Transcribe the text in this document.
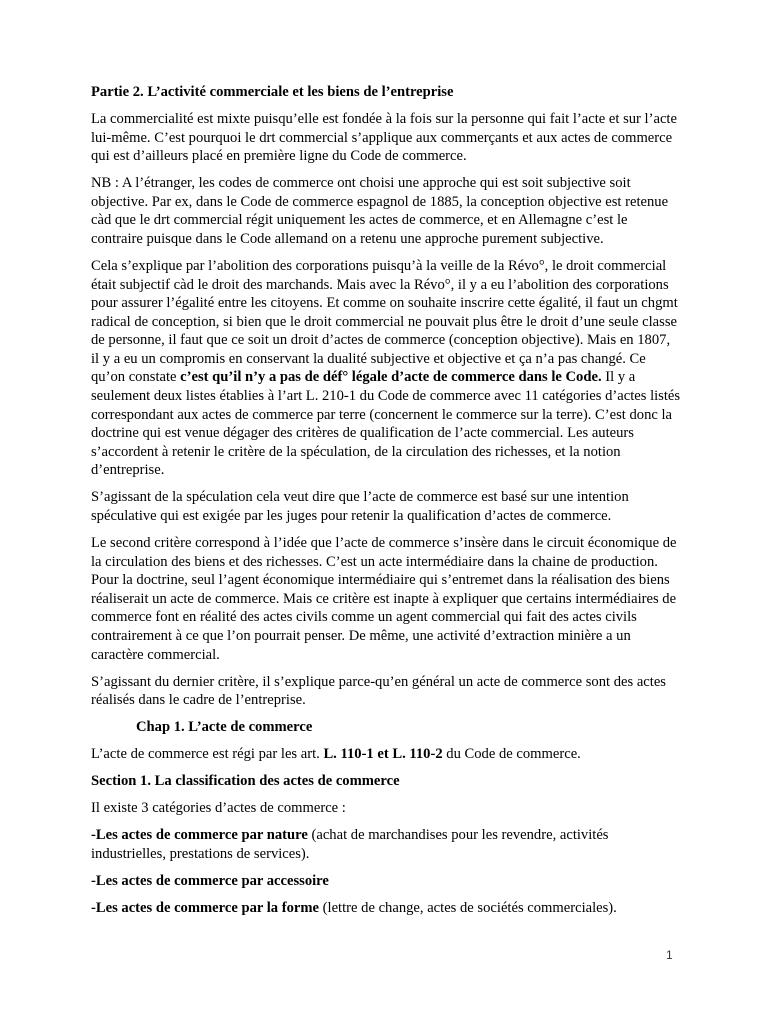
Partie 2. L’activité commerciale et les biens de l’entreprise

La commercialité est mixte puisqu’elle est fondée à la fois sur la personne qui fait l’acte et sur l’acte lui-même. C’est pourquoi le drt commercial s’applique aux commerçants et aux actes de commerce qui est d’ailleurs placé en première ligne du Code de commerce.

NB : A l’étranger, les codes de commerce ont choisi une approche qui est soit subjective soit objective. Par ex, dans le Code de commerce espagnol de 1885, la conception objective est retenue càd que le drt commercial régit uniquement les actes de commerce, et en Allemagne c’est le contraire puisque dans le Code allemand on a retenu une approche purement subjective.

Cela s’explique par l’abolition des corporations puisqu’à la veille de la Révo°, le droit commercial était subjectif càd le droit des marchands. Mais avec la Révo°, il y a eu l’abolition des corporations pour assurer l’égalité entre les citoyens. Et comme on souhaite inscrire cette égalité, il faut un chgmt radical de conception, si bien que le droit commercial ne pouvait plus être le droit d’une seule classe de personne, il faut que ce soit un droit d’actes de commerce (conception objective). Mais en 1807, il y a eu un compromis en conservant la dualité subjective et objective et ça n’a pas changé. Ce qu’on constate c’est qu’il n’y a pas de déf° légale d’acte de commerce dans le Code. Il y a seulement deux listes établies à l’art L. 210-1 du Code de commerce avec 11 catégories d’actes listés correspondant aux actes de commerce par terre (concernent le commerce sur la terre). C’est donc la doctrine qui est venue dégager des critères de qualification de l’acte commercial. Les auteurs s’accordent à retenir le critère de la spéculation, de la circulation des richesses, et la notion d’entreprise.

S’agissant de la spéculation cela veut dire que l’acte de commerce est basé sur une intention spéculative qui est exigée par les juges pour retenir la qualification d’actes de commerce.

Le second critère correspond à l’idée que l’acte de commerce s’insère dans le circuit économique de la circulation des biens et des richesses. C’est un acte intermédiaire dans la chaine de production. Pour la doctrine, seul l’agent économique intermédiaire qui s’entremet dans la réalisation des biens réaliserait un acte de commerce. Mais ce critère est inapte à expliquer que certains intermédiaires de commerce font en réalité des actes civils comme un agent commercial qui fait des actes civils contrairement à ce que l’on pourrait penser. De même, une activité d’extraction minière a un caractère commercial.

S’agissant du dernier critère, il s’explique parce-qu’en général un acte de commerce sont des actes réalisés dans le cadre de l’entreprise.

Chap 1. L’acte de commerce

L’acte de commerce est régi par les art. L. 110-1 et L. 110-2 du Code de commerce.

Section 1. La classification des actes de commerce

Il existe 3 catégories d’actes de commerce :

-Les actes de commerce par nature (achat de marchandises pour les revendre, activités industrielles, prestations de services).

-Les actes de commerce par accessoire

-Les actes de commerce par la forme (lettre de change, actes de sociétés commerciales).

1
